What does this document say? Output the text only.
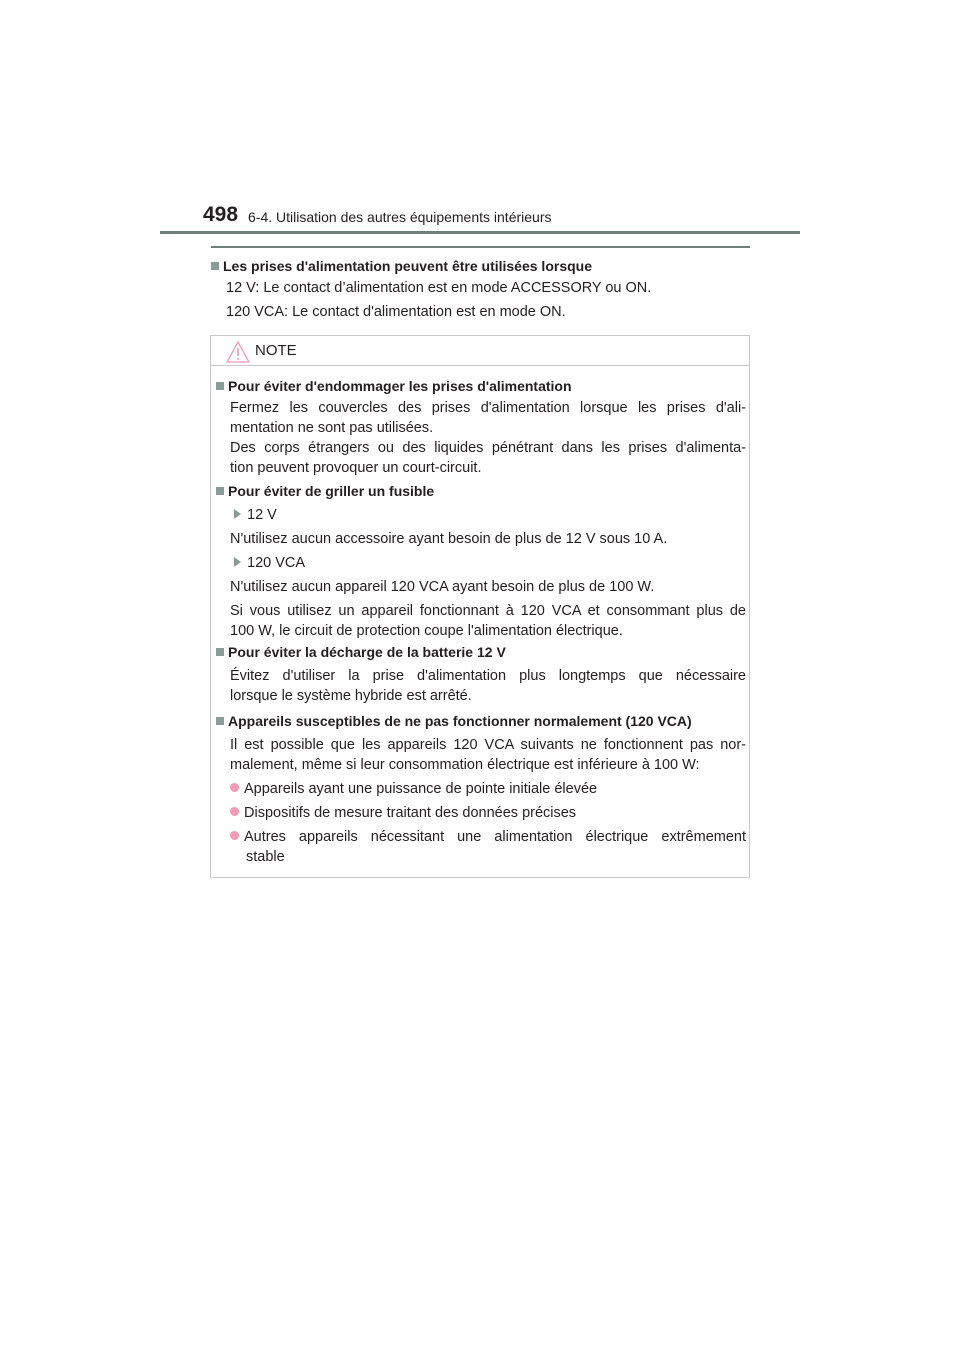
498 6-4. Utilisation des autres équipements intérieurs
Les prises d'alimentation peuvent être utilisées lorsque
12 V: Le contact d’alimentation est en mode ACCESSORY ou ON.
120 VCA: Le contact d'alimentation est en mode ON.
NOTE
Pour éviter d'endommager les prises d'alimentation
Fermez les couvercles des prises d'alimentation lorsque les prises d'ali-
mentation ne sont pas utilisées.
Des corps étrangers ou des liquides pénétrant dans les prises d'alimenta-
tion peuvent provoquer un court-circuit.
Pour éviter de griller un fusible
12 V
N'utilisez aucun accessoire ayant besoin de plus de 12 V sous 10 A.
120 VCA
N'utilisez aucun appareil 120 VCA ayant besoin de plus de 100 W.
Si vous utilisez un appareil fonctionnant à 120 VCA et consommant plus de
100 W, le circuit de protection coupe l'alimentation électrique.
Pour éviter la décharge de la batterie 12 V
Évitez d'utiliser la prise d'alimentation plus longtemps que nécessaire
lorsque le système hybride est arrêté.
Appareils susceptibles de ne pas fonctionner normalement (120 VCA)
Il est possible que les appareils 120 VCA suivants ne fonctionnent pas nor-
malement, même si leur consommation électrique est inférieure à 100 W:
Appareils ayant une puissance de pointe initiale élevée
Dispositifs de mesure traitant des données précises
Autres appareils nécessitant une alimentation électrique extrêmement
stable
